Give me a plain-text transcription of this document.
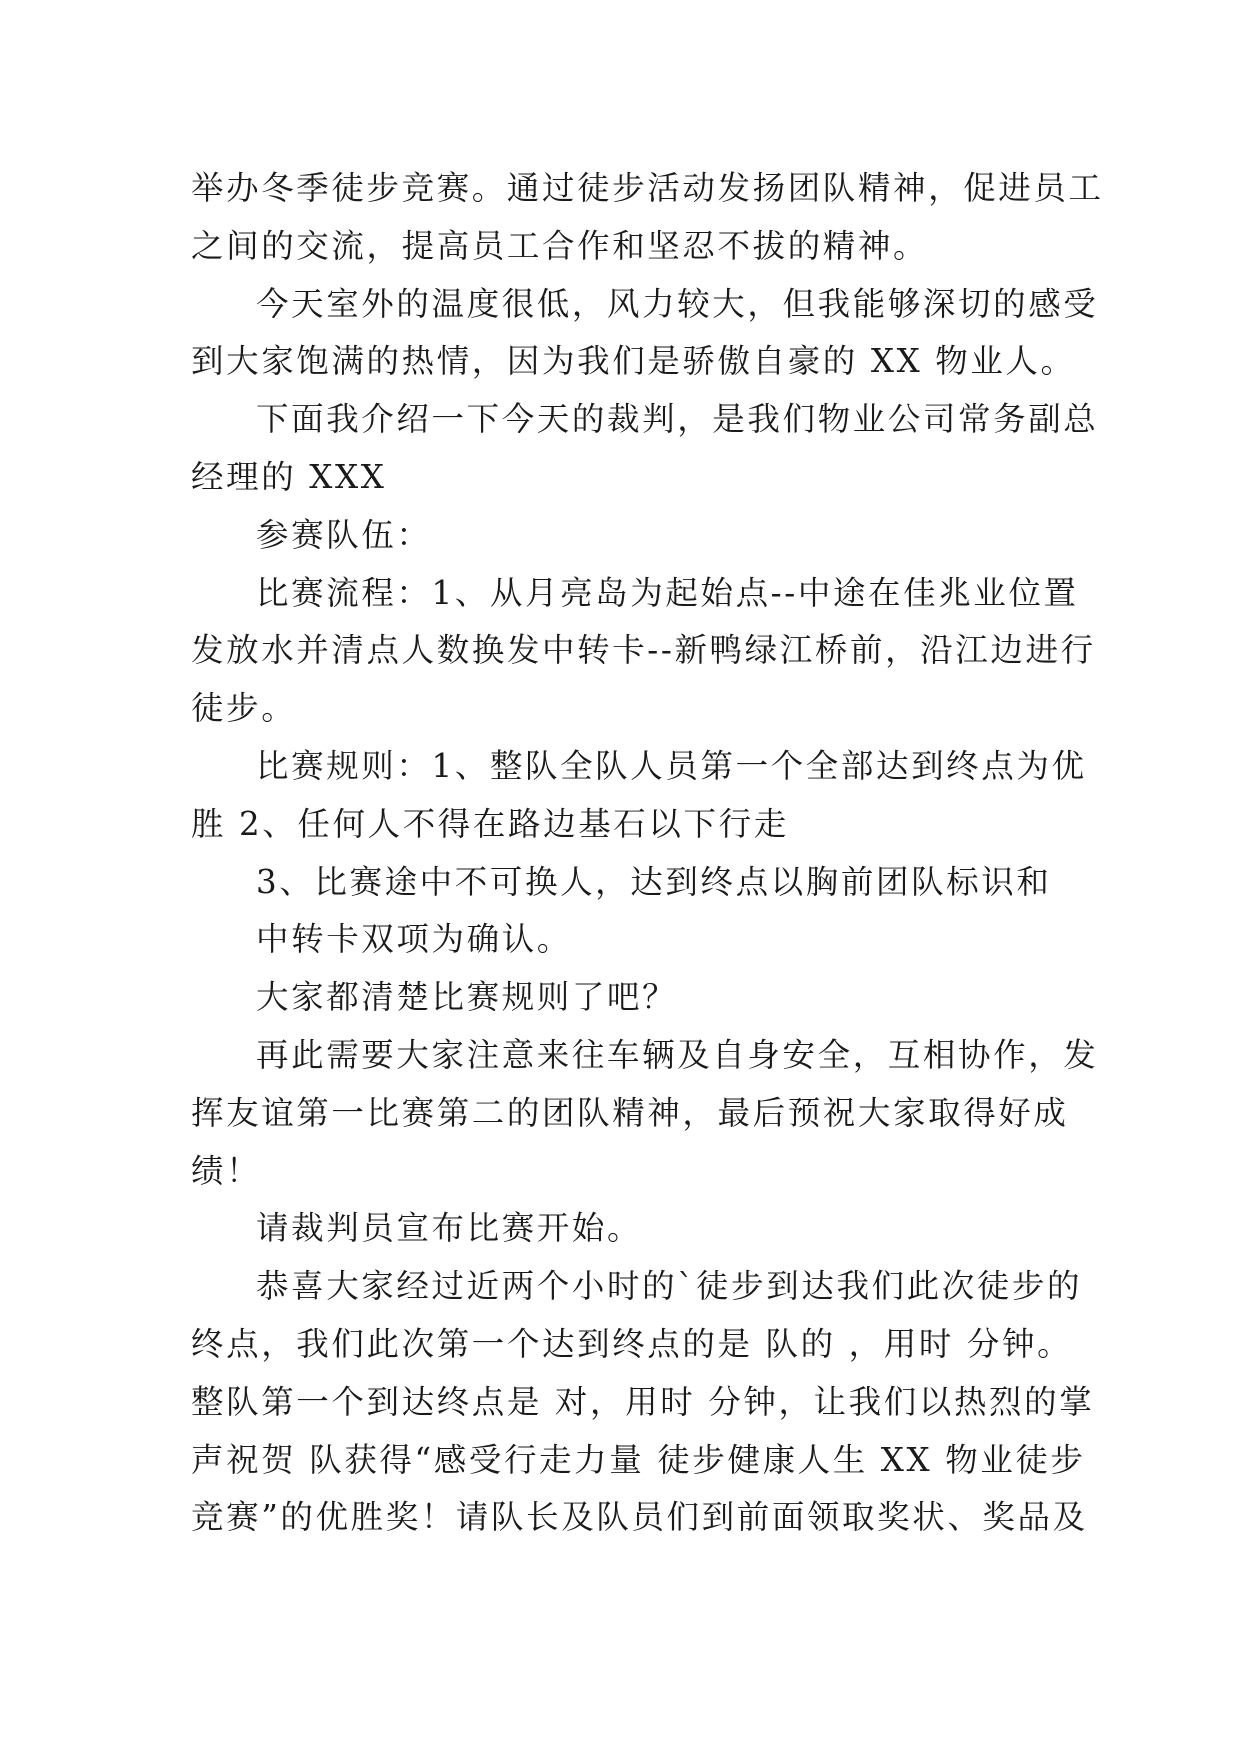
举办冬季徒步竞赛。通过徒步活动发扬团队精神，促进员工
之间的交流，提高员工合作和坚忍不拔的精神。
今天室外的温度很低，风力较大，但我能够深切的感受
到大家饱满的热情，因为我们是骄傲自豪的 XX 物业人。
下面我介绍一下今天的裁判，是我们物业公司常务副总
经理的 XXX
参赛队伍：
比赛流程：1、从月亮岛为起始点--中途在佳兆业位置
发放水并清点人数换发中转卡--新鸭绿江桥前，沿江边进行
徒步。
比赛规则：1、整队全队人员第一个全部达到终点为优
胜 2、任何人不得在路边基石以下行走
3、比赛途中不可换人，达到终点以胸前团队标识和
中转卡双项为确认。
大家都清楚比赛规则了吧？
再此需要大家注意来往车辆及自身安全，互相协作，发
挥友谊第一比赛第二的团队精神，最后预祝大家取得好成
绩！
请裁判员宣布比赛开始。
恭喜大家经过近两个小时的`徒步到达我们此次徒步的
终点，我们此次第一个达到终点的是 队的 ，用时 分钟。
整队第一个到达终点是 对，用时 分钟，让我们以热烈的掌
声祝贺 队获得“感受行走力量 徒步健康人生 XX 物业徒步
竞赛”的优胜奖！请队长及队员们到前面领取奖状、奖品及
